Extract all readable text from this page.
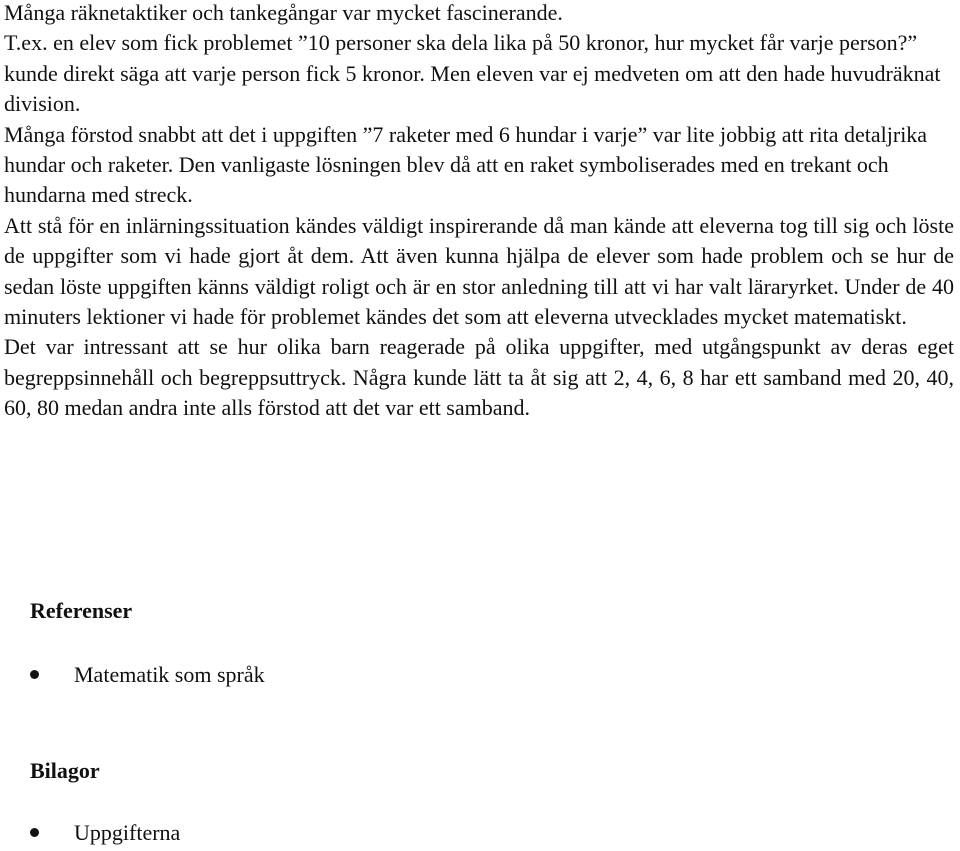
Många räknetaktiker och tankegångar var mycket fascinerande.

T.ex. en elev som fick problemet ”10 personer ska dela lika på 50 kronor, hur mycket får varje person?” kunde direkt säga att varje person fick 5 kronor. Men eleven var ej medveten om att den hade huvudräknat division.

Många förstod snabbt att det i uppgiften ”7 raketer med 6 hundar i varje” var lite jobbig att rita detaljrika hundar och raketer. Den vanligaste lösningen blev då att en raket symboliserades med en trekant och hundarna med streck.

Att stå för en inlärningssituation kändes väldigt inspirerande då man kände att eleverna tog till sig och löste de uppgifter som vi hade gjort åt dem. Att även kunna hjälpa de elever som hade problem och se hur de sedan löste uppgiften känns väldigt roligt och är en stor anledning till att vi har valt läraryrket. Under de 40 minuters lektioner vi hade för problemet kändes det som att eleverna utvecklades mycket matematiskt.

Det var intressant att se hur olika barn reagerade på olika uppgifter, med utgångspunkt av deras eget begreppsinnehåll och begreppsuttryck. Några kunde lätt ta åt sig att 2, 4, 6, 8 har ett samband med 20, 40, 60, 80 medan andra inte alls förstod att det var ett samband.

Referenser
Matematik som språk
Bilagor
Uppgifterna
